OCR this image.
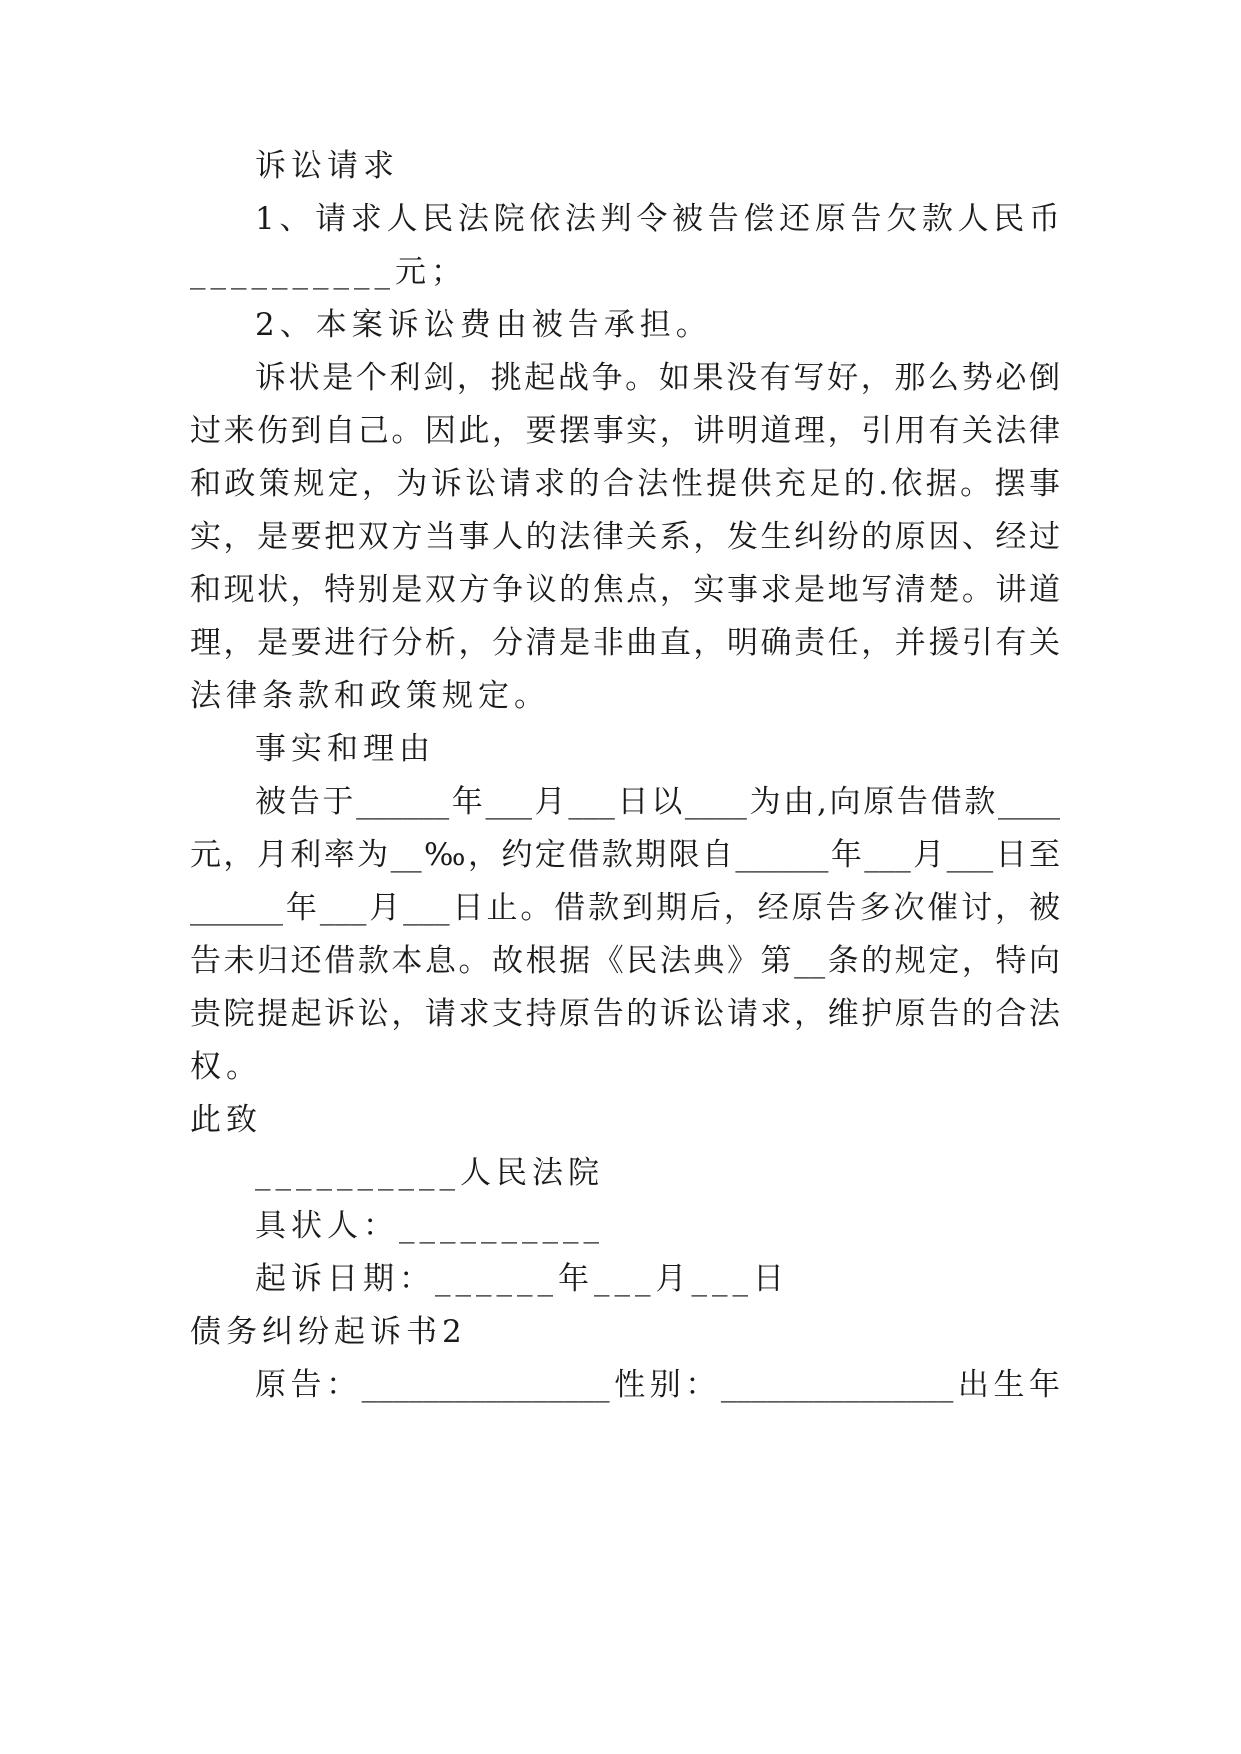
诉讼请求
1、请求人民法院依法判令被告偿还原告欠款人民币
__________元；
2、本案诉讼费由被告承担。
诉状是个利剑，挑起战争。如果没有写好，那么势必倒
过来伤到自己。因此，要摆事实，讲明道理，引用有关法律
和政策规定，为诉讼请求的合法性提供充足的.依据。摆事
实，是要把双方当事人的法律关系，发生纠纷的原因、经过
和现状，特别是双方争议的焦点，实事求是地写清楚。讲道
理，是要进行分析，分清是非曲直，明确责任，并援引有关
法律条款和政策规定。
事实和理由
被告于______年___月___日以____为由,向原告借款____
元，月利率为__‰，约定借款期限自______年___月___日至
______年___月___日止。借款到期后，经原告多次催讨，被
告未归还借款本息。故根据《民法典》第__条的规定，特向
贵院提起诉讼，请求支持原告的诉讼请求，维护原告的合法
权。
此致
__________人民法院
具状人：__________
起诉日期：______年___月___日
债务纠纷起诉书2
原告：________________性别：_______________出生年
